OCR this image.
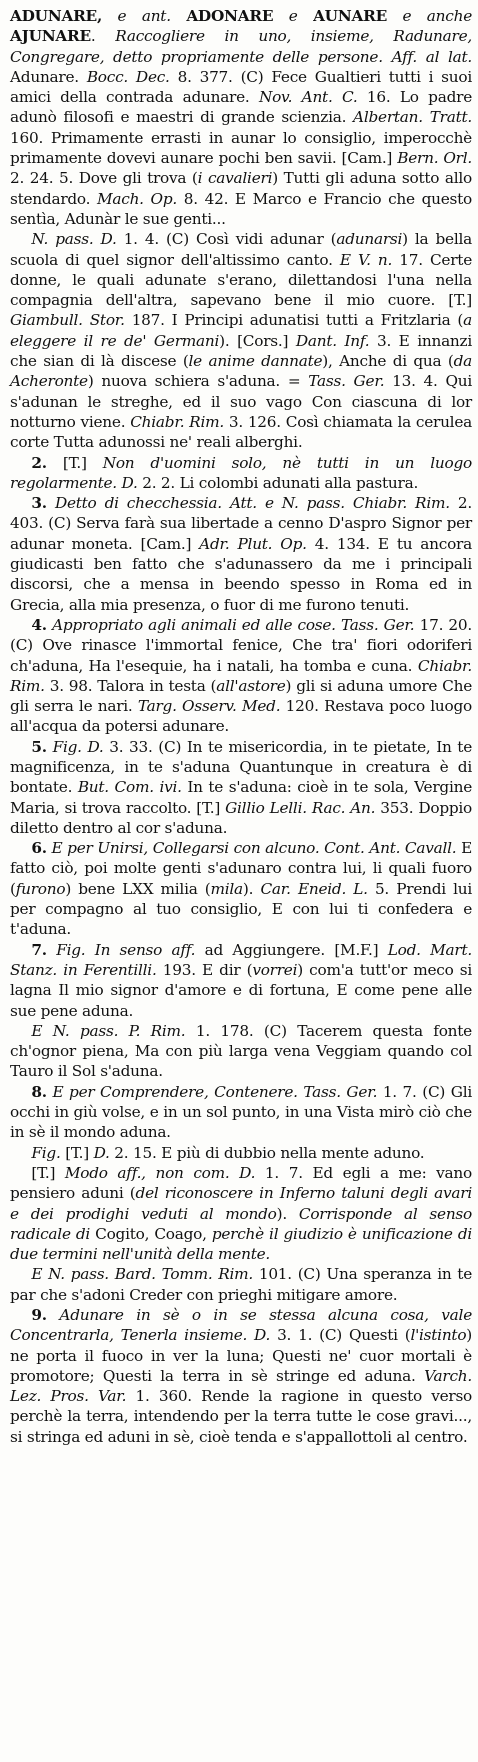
ADUNARE, e ant. ADONARE e AUNARE e anche AJUNARE. Raccogliere in uno, insieme, Radunare, Congregare, detto propriamente delle persone. Aff. al lat. Adunare. Bocc. Dec. 8. 377. (C) Fece Gualtieri tutti i suoi amici della contrada adunare. Nov. Ant. C. 16. Lo padre adunò filosofi e maestri di grande scienzia. Albertan. Tratt. 160. Primamente errasti in aunar lo consiglio, imperocchè primamente dovevi aunare pochi ben savii. [Cam.] Bern. Orl. 2. 24. 5. Dove gli trova (i cavalieri) Tutti gli aduna sotto allo stendardo. Mach. Op. 8. 42. E Marco e Francio che questo sentìa, Adunàr le sue genti...

N. pass. D. 1. 4. (C) Così vidi adunar (adunarsi) la bella scuola di quel signor dell'altissimo canto. E V. n. 17. Certe donne, le quali adunate s'erano, dilettandosi l'una nella compagnia dell'altra, sapevano bene il mio cuore. [T.] Giambull. Stor. 187. I Principi adunatisi tutti a Fritzlaria (a eleggere il re de' Germani). [Cors.] Dant. Inf. 3. E innanzi che sian di là discese (le anime dannate), Anche di qua (da Acheronte) nuova schiera s'aduna. = Tass. Ger. 13. 4. Qui s'adunan le streghe, ed il suo vago Con ciascuna di lor notturno viene. Chiabr. Rim. 3. 126. Così chiamata la cerulea corte Tutta adunossi ne' reali alberghi.

2. [T.] Non d'uomini solo, nè tutti in un luogo regolarmente. D. 2. 2. Li colombi adunati alla pastura.

3. Detto di checchessia. Att. e N. pass. Chiabr. Rim. 2. 403. (C) Serva farà sua libertade a cenno D'aspro Signor per adunar moneta. [Cam.] Adr. Plut. Op. 4. 134. E tu ancora giudicasti ben fatto che s'adunassero da me i principali discorsi, che a mensa in beendo spesso in Roma ed in Grecia, alla mia presenza, o fuor di me furono tenuti.

4. Appropriato agli animali ed alle cose. Tass. Ger. 17. 20. (C) Ove rinasce l'immortal fenice, Che tra' fiori odoriferi ch'aduna, Ha l'esequie, ha i natali, ha tomba e cuna. Chiabr. Rim. 3. 98. Talora in testa (all'astore) gli si aduna umore Che gli serra le nari. Targ. Osserv. Med. 120. Restava poco luogo all'acqua da potersi adunare.

5. Fig. D. 3. 33. (C) In te misericordia, in te pietate, In te magnificenza, in te s'aduna Quantunque in creatura è di bontate. But. Com. ivi. In te s'aduna: cioè in te sola, Vergine Maria, si trova raccolto. [T.] Gillio Lelli. Rac. An. 353. Doppio diletto dentro al cor s'aduna.

6. E per Unirsi, Collegarsi con alcuno. Cont. Ant. Cavall. E fatto ciò, poi molte genti s'adunaro contra lui, li quali fuoro (furono) bene LXX milia (mila). Car. Eneid. L. 5. Prendi lui per compagno al tuo consiglio, E con lui ti confedera e t'aduna.

7. Fig. In senso aff. ad Aggiungere. [M.F.] Lod. Mart. Stanz. in Ferentilli. 193. E dir (vorrei) com'a tutt'or meco si lagna Il mio signor d'amore e di fortuna, E come pene alle sue pene aduna.

E N. pass. P. Rim. 1. 178. (C) Tacerem questa fonte ch'ognor piena, Ma con più larga vena Veggiam quando col Tauro il Sol s'aduna.

8. E per Comprendere, Contenere. Tass. Ger. 1. 7. (C) Gli occhi in giù volse, e in un sol punto, in una Vista mirò ciò che in sè il mondo aduna.

Fig. [T.] D. 2. 15. E più di dubbio nella mente aduno.

[T.] Modo aff., non com. D. 1. 7. Ed egli a me: vano pensiero aduni (del riconoscere in Inferno taluni degli avari e dei prodighi veduti al mondo). Corrisponde al senso radicale di Cogito, Coago, perchè il giudizio è unificazione di due termini nell'unità della mente.

E N. pass. Bard. Tomm. Rim. 101. (C) Una speranza in te par che s'adoni Creder con prieghi mitigare amore.

9. Adunare in sè o in se stessa alcuna cosa, vale Concentrarla, Tenerla insieme. D. 3. 1. (C) Questi (l'istinto) ne porta il fuoco in ver la luna; Questi ne' cuor mortali è promotore; Questi la terra in sè stringe ed aduna. Varch. Lez. Pros. Var. 1. 360. Rende la ragione in questo verso perchè la terra, intendendo per la terra tutte le cose gravi..., si stringa ed aduni in sè, cioè tenda e s'appallottoli al centro.
